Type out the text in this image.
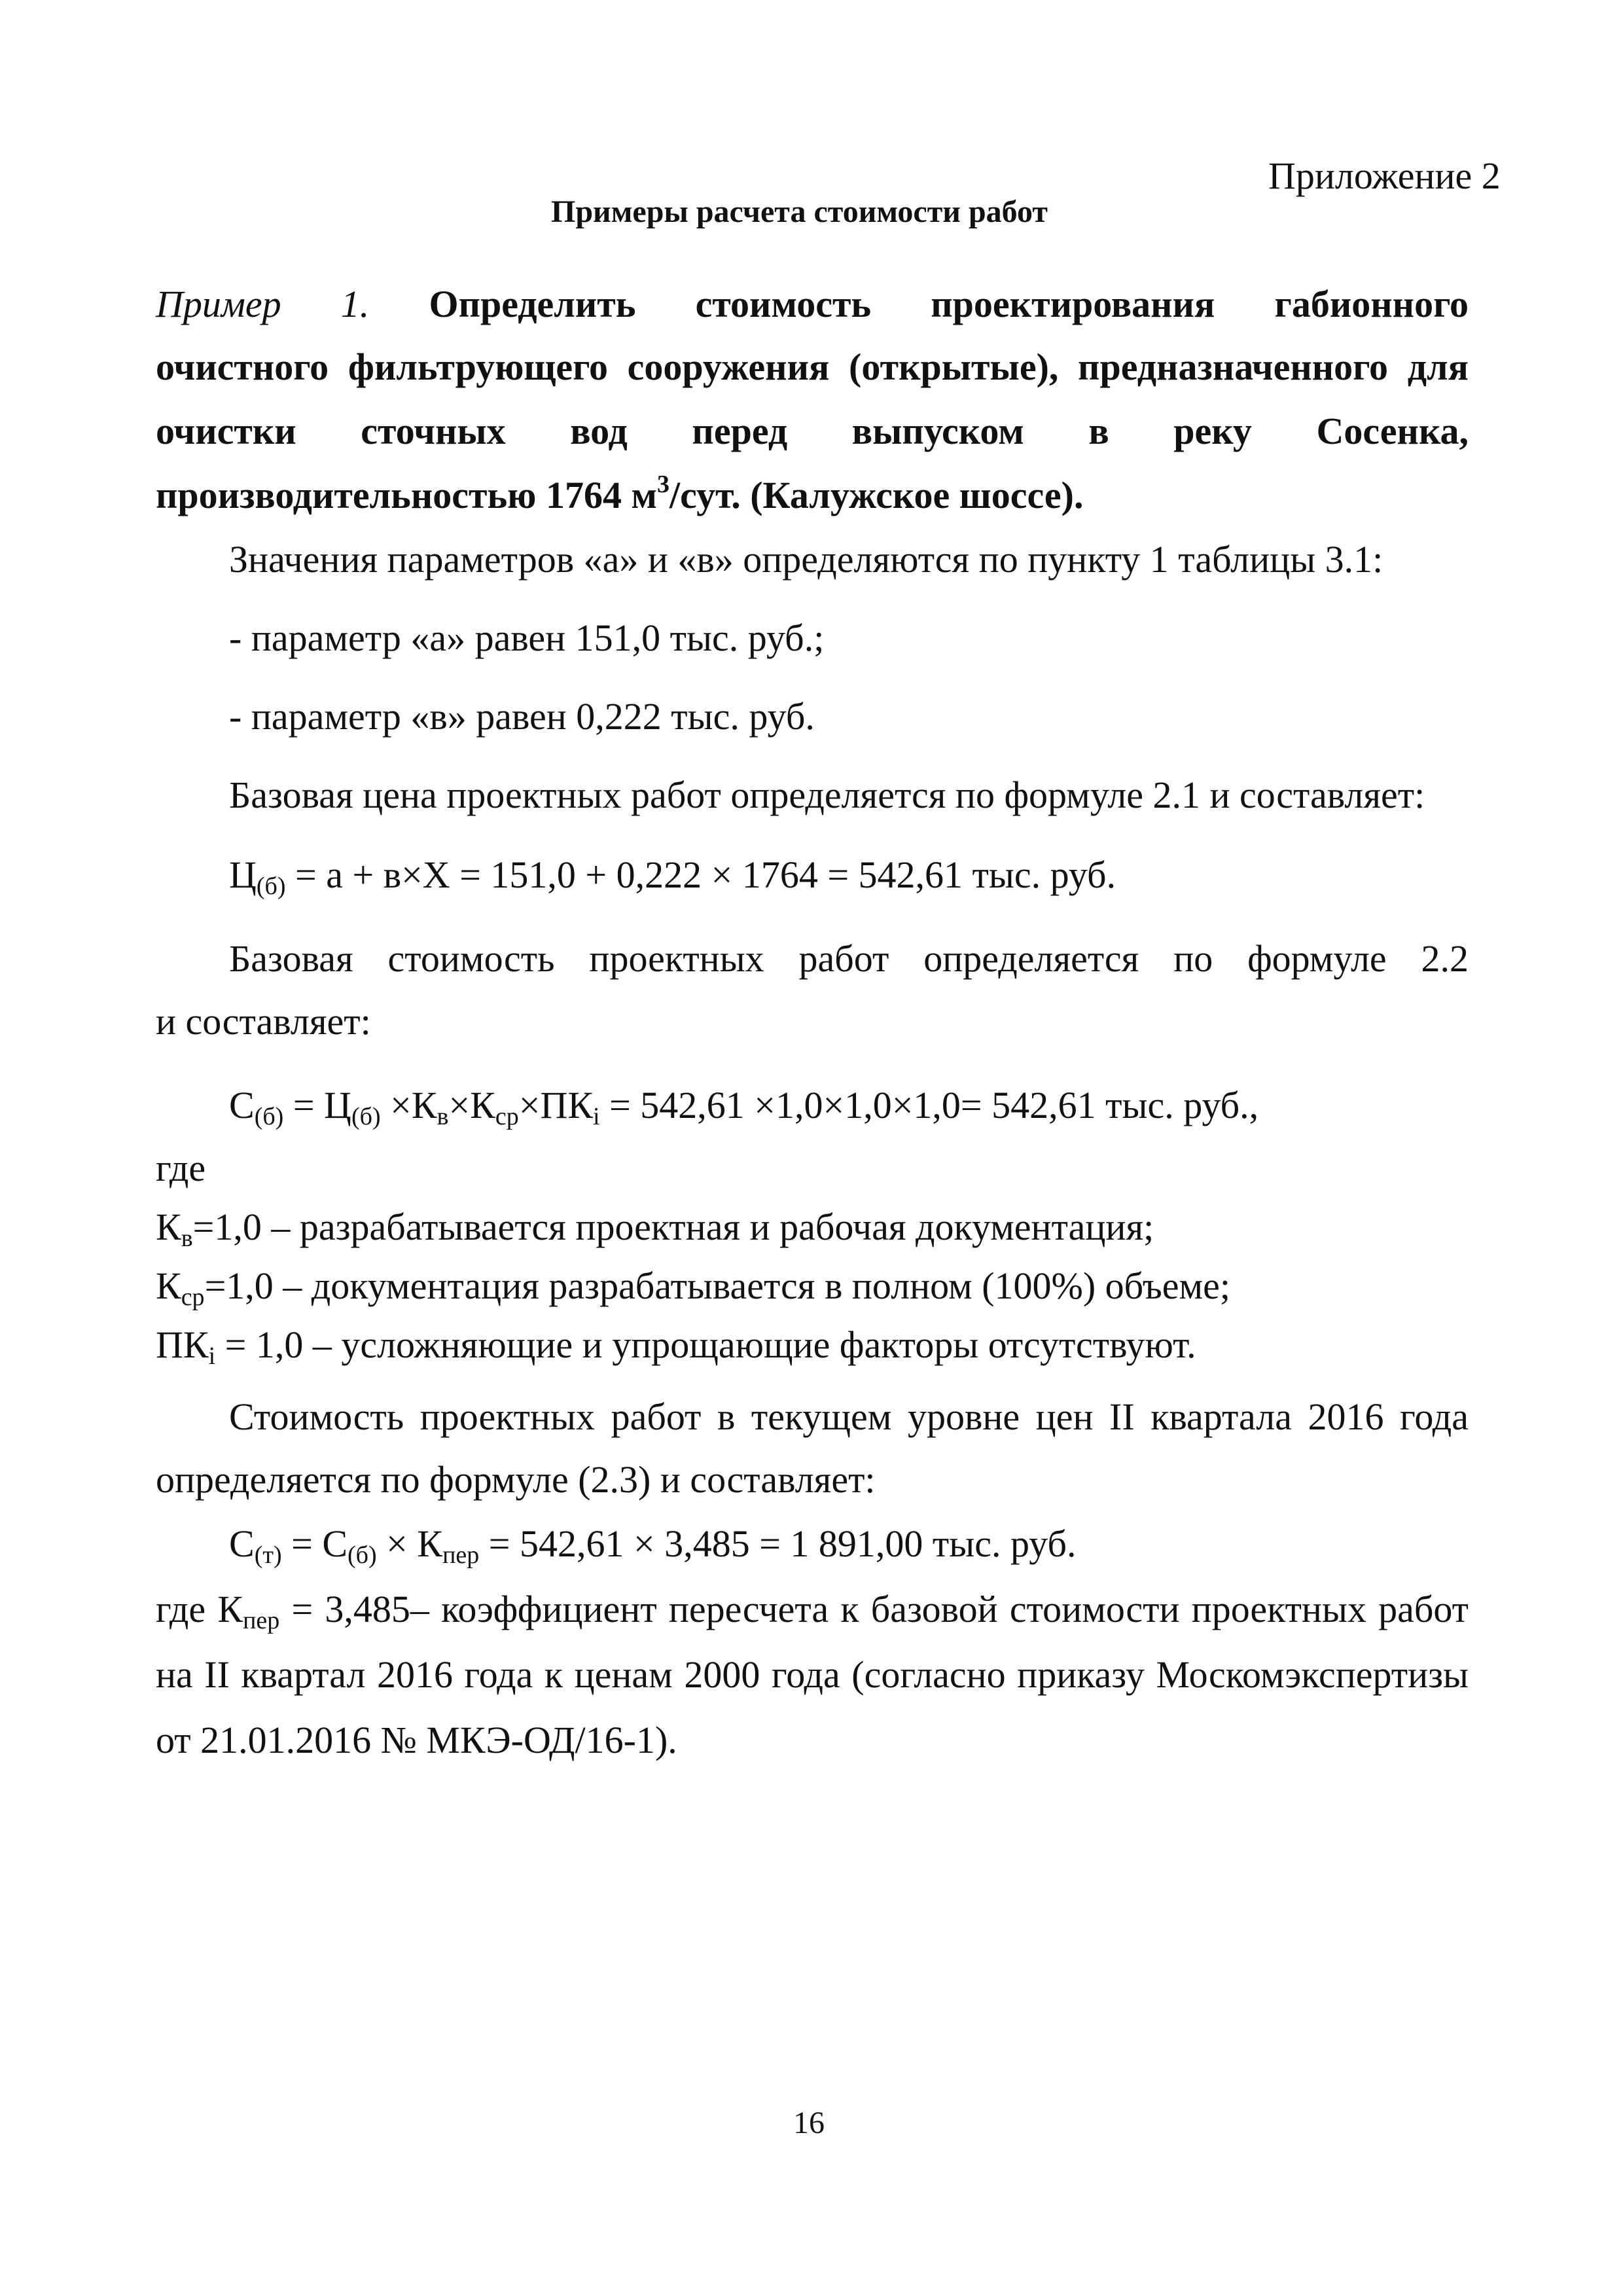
Приложение 2
Примеры расчета стоимости работ
Пример 1. Определить стоимость проектирования габионного
очистного фильтрующего сооружения (открытые), предназначенного для
очистки сточных вод перед выпуском в реку Сосенка,
производительностью 1764 $м^3$/сут. (Калужское шоссе).
Значения параметров «а» и «в» определяются по пункту 1 таблицы 3.1:
- параметр «а» равен 151,0 тыс. руб.;
- параметр «в» равен 0,222 тыс. руб.
Базовая цена проектных работ определяется по формуле 2.1 и составляет:
$Ц_{(б)} = а + в\times Х = 151,0 + 0,222 \times 1764 = 542,61$ тыс. руб.
Базовая стоимость проектных работ определяется по формуле 2.2
и составляет:
$С_{(б)} = Ц_{(б)} \times К_в\times К_{ср}\times ПК_i = 542,61 \times 1,0\times 1,0\times 1,0= 542,61$ тыс. руб.,
где
$К_в=1,0$ – разрабатывается проектная и рабочая документация;
$К_{ср}=1,0$ – документация разрабатывается в полном (100%) объеме;
$ПК_i = 1,0$ – усложняющие и упрощающие факторы отсутствуют.
Стоимость проектных работ в текущем уровне цен II квартала 2016 года
определяется по формуле (2.3) и составляет:
$С_{(т)} = С_{(б)} \times К_{пер} = 542,61 \times 3,485 = 1$ 891,00 тыс. руб.
где $К_{пер} = 3,485-$ коэффициент пересчета к базовой стоимости проектных работ
на II квартал 2016 года к ценам 2000 года (согласно приказу Москомэкспертизы
от 21.01.2016 № МКЭ-ОД/16-1).
16
